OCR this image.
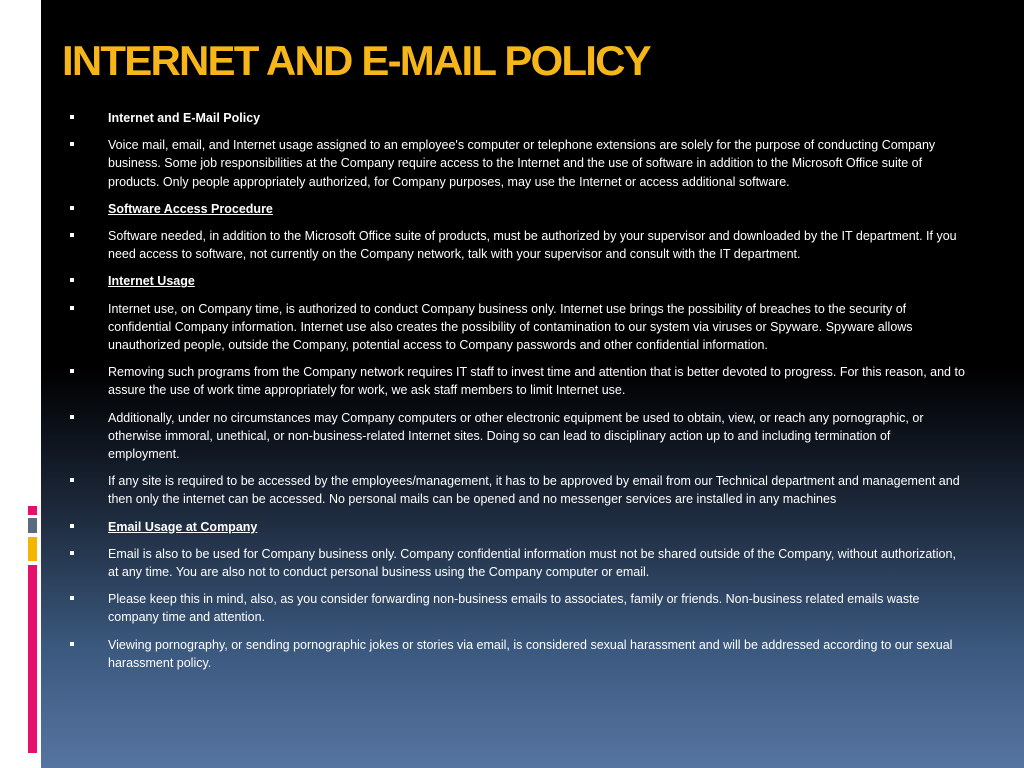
INTERNET AND E-MAIL POLICY
Internet and E-Mail Policy
Voice mail, email, and Internet usage assigned to an employee's computer or telephone extensions are solely for the purpose of conducting Company business. Some job responsibilities at the Company require access to the Internet and the use of software in addition to the Microsoft Office suite of products. Only people appropriately authorized, for Company purposes, may use the Internet or access additional software.
Software Access Procedure
Software needed, in addition to the Microsoft Office suite of products, must be authorized by your supervisor and downloaded by the IT department. If you need access to software, not currently on the Company network, talk with your supervisor and consult with the IT department.
Internet Usage
Internet use, on Company time, is authorized to conduct Company business only. Internet use brings the possibility of breaches to the security of confidential Company information. Internet use also creates the possibility of contamination to our system via viruses or Spyware. Spyware allows unauthorized people, outside the Company, potential access to Company passwords and other confidential information.
Removing such programs from the Company network requires IT staff to invest time and attention that is better devoted to progress. For this reason, and to assure the use of work time appropriately for work, we ask staff members to limit Internet use.
Additionally, under no circumstances may Company computers or other electronic equipment be used to obtain, view, or reach any pornographic, or otherwise immoral, unethical, or non-business-related Internet sites. Doing so can lead to disciplinary action up to and including termination of employment.
If any site is required to be accessed by the employees/management, it has to be approved by email from our Technical department and management and then only the internet can be accessed. No personal mails can be opened and no messenger services are installed in any machines
Email Usage at Company
Email is also to be used for Company business only. Company confidential information must not be shared outside of the Company, without authorization, at any time. You are also not to conduct personal business using the Company computer or email.
Please keep this in mind, also, as you consider forwarding non-business emails to associates, family or friends. Non-business related emails waste company time and attention.
Viewing pornography, or sending pornographic jokes or stories via email, is considered sexual harassment and will be addressed according to our sexual harassment policy.
